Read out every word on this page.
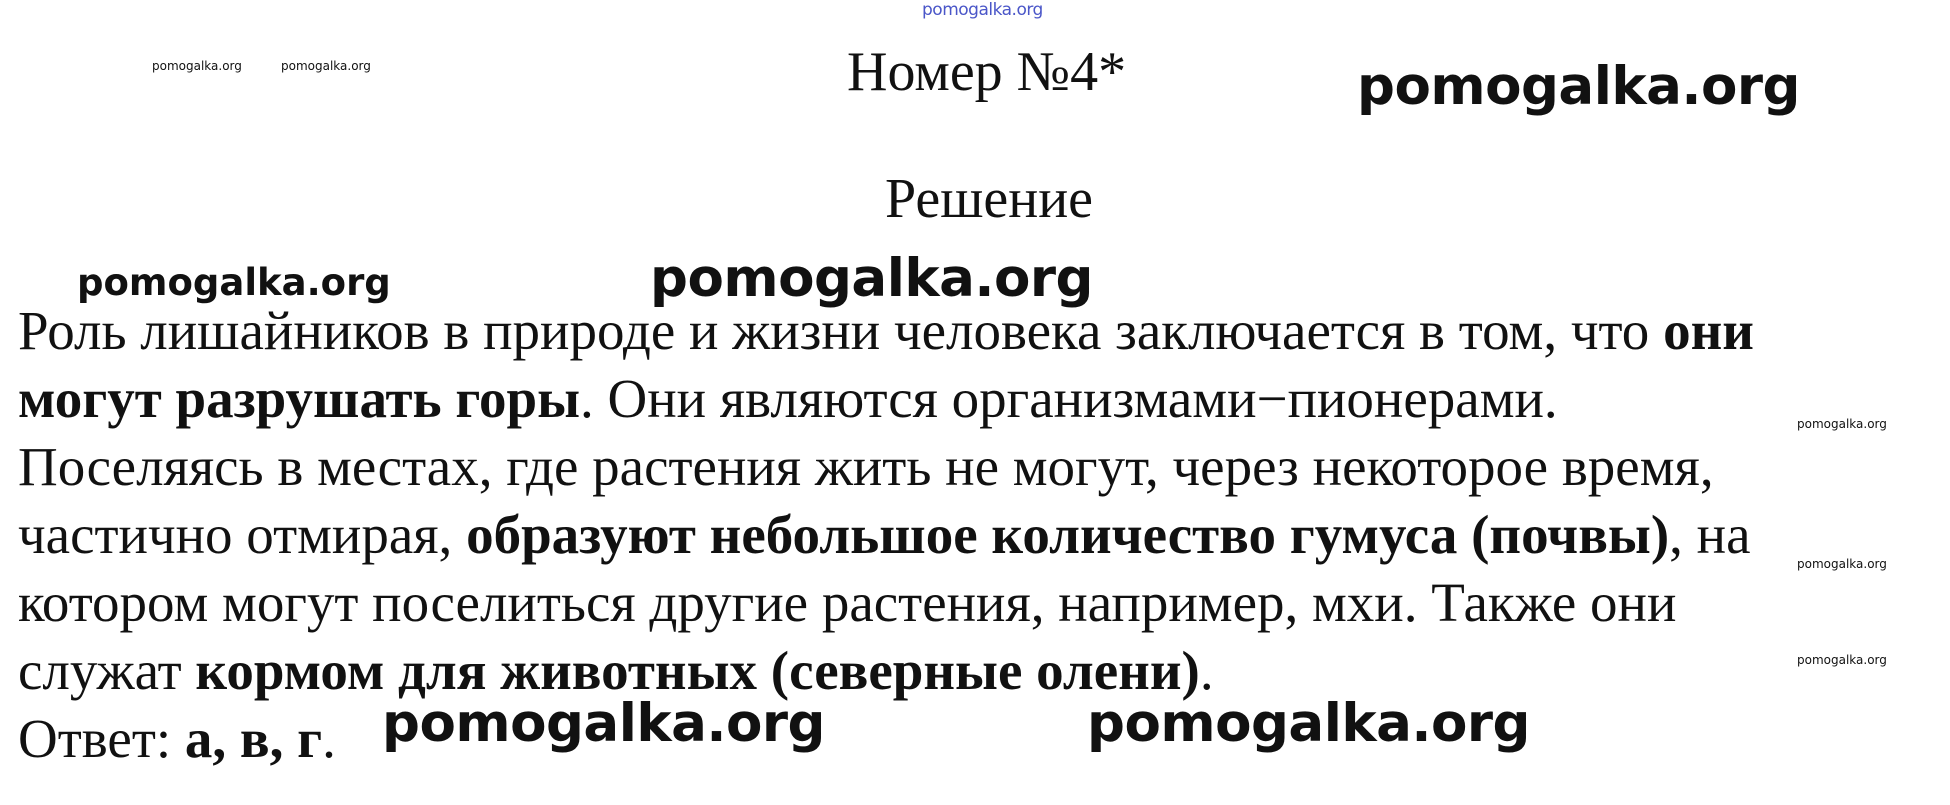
pomogalka.org
pomogalka.org	pomogalka.org	pomogalka.org
pomogalka.org	pomogalka.org
pomogalka.org
pomogalka.org
pomogalka.org
Номер №4*
Решение
Роль лишайников в природе и жизни человека заключается в том, что они
могут разрушать горы. Они являются организмами−пионерами.
Поселяясь в местах, где растения жить не могут, через некоторое время,
частично отмирая, образуют небольшое количество гумуса (почвы), на
котором могут поселиться другие растения, например, мхи. Также они
служат кормом для животных (северные олени).
Ответ: а, в, г. pomogalka.org	pomogalka.org
